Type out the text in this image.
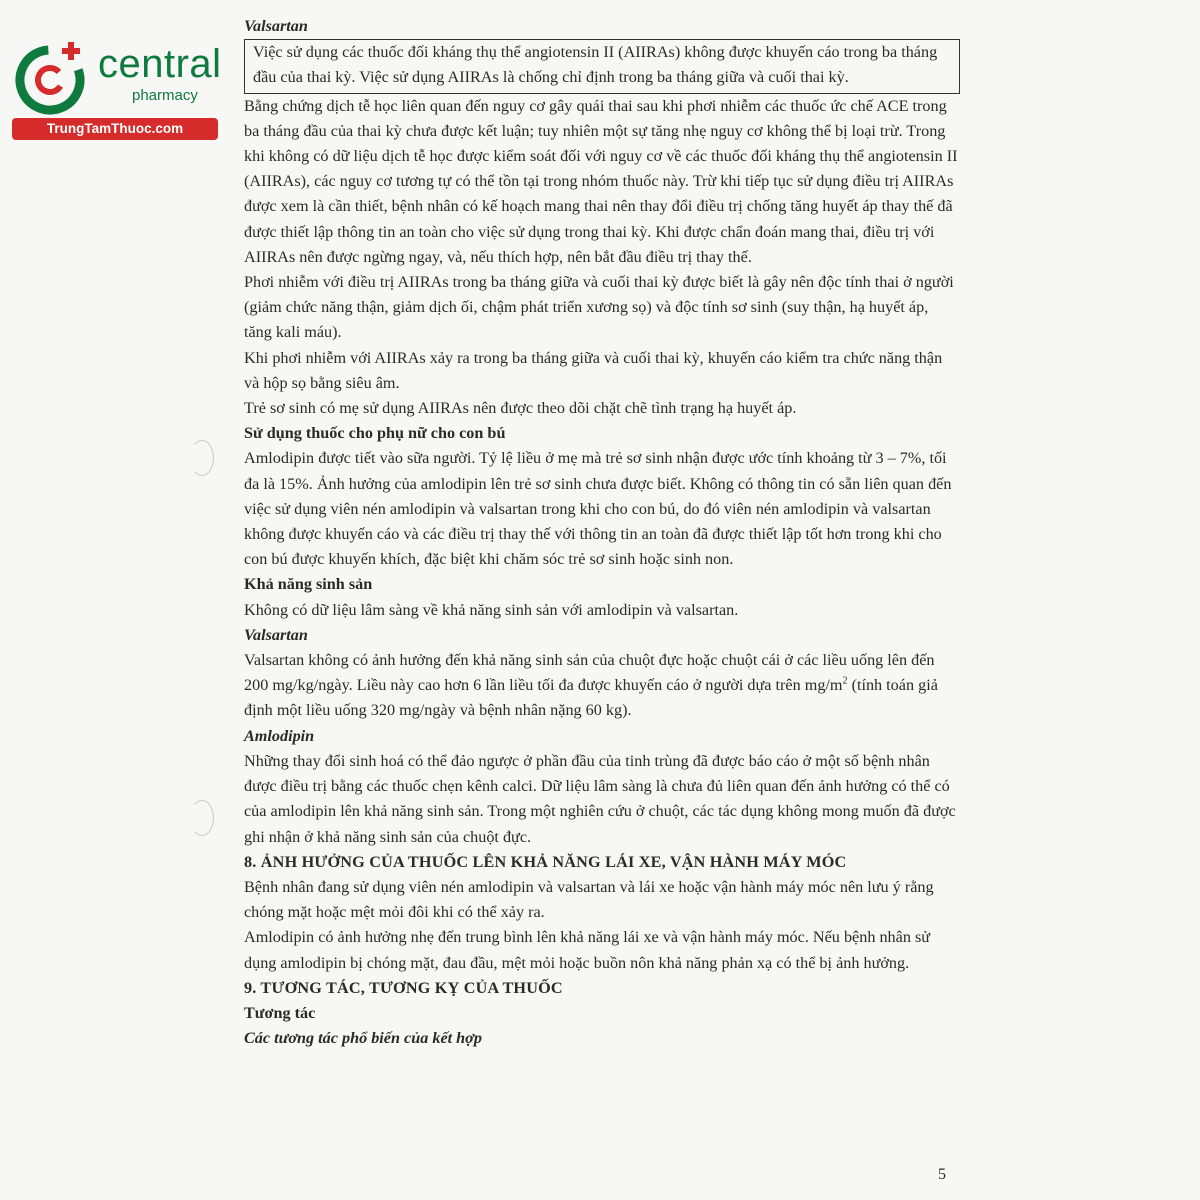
central
pharmacy
TrungTamThuoc.com

Valsartan

Việc sử dụng các thuốc đối kháng thụ thể angiotensin II (AIIRAs) không được khuyến cáo trong ba tháng đầu của thai kỳ. Việc sử dụng AIIRAs là chống chỉ định trong ba tháng giữa và cuối thai kỳ.

Bằng chứng dịch tễ học liên quan đến nguy cơ gây quái thai sau khi phơi nhiễm các thuốc ức chế ACE trong ba tháng đầu của thai kỳ chưa được kết luận; tuy nhiên một sự tăng nhẹ nguy cơ không thể bị loại trừ. Trong khi không có dữ liệu dịch tễ học được kiểm soát đối với nguy cơ về các thuốc đối kháng thụ thể angiotensin II (AIIRAs), các nguy cơ tương tự có thể tồn tại trong nhóm thuốc này. Trừ khi tiếp tục sử dụng điều trị AIIRAs được xem là cần thiết, bệnh nhân có kế hoạch mang thai nên thay đổi điều trị chống tăng huyết áp thay thế đã được thiết lập thông tin an toàn cho việc sử dụng trong thai kỳ. Khi được chẩn đoán mang thai, điều trị với AIIRAs nên được ngừng ngay, và, nếu thích hợp, nên bắt đầu điều trị thay thế.

Phơi nhiễm với điều trị AIIRAs trong ba tháng giữa và cuối thai kỳ được biết là gây nên độc tính thai ở người (giảm chức năng thận, giảm dịch ối, chậm phát triển xương sọ) và độc tính sơ sinh (suy thận, hạ huyết áp, tăng kali máu).

Khi phơi nhiễm với AIIRAs xảy ra trong ba tháng giữa và cuối thai kỳ, khuyến cáo kiểm tra chức năng thận và hộp sọ bằng siêu âm.

Trẻ sơ sinh có mẹ sử dụng AIIRAs nên được theo dõi chặt chẽ tình trạng hạ huyết áp.

Sử dụng thuốc cho phụ nữ cho con bú

Amlodipin được tiết vào sữa người. Tỷ lệ liều ở mẹ mà trẻ sơ sinh nhận được ước tính khoảng từ 3 – 7%, tối đa là 15%. Ảnh hưởng của amlodipin lên trẻ sơ sinh chưa được biết. Không có thông tin có sẵn liên quan đến việc sử dụng viên nén amlodipin và valsartan trong khi cho con bú, do đó viên nén amlodipin và valsartan không được khuyến cáo và các điều trị thay thế với thông tin an toàn đã được thiết lập tốt hơn trong khi cho con bú được khuyến khích, đặc biệt khi chăm sóc trẻ sơ sinh hoặc sinh non.

Khả năng sinh sản

Không có dữ liệu lâm sàng về khả năng sinh sản với amlodipin và valsartan.

Valsartan

Valsartan không có ảnh hưởng đến khả năng sinh sản của chuột đực hoặc chuột cái ở các liều uống lên đến 200 mg/kg/ngày. Liều này cao hơn 6 lần liều tối đa được khuyến cáo ở người dựa trên $mg/m^2$ (tính toán giả định một liều uống 320 mg/ngày và bệnh nhân nặng 60 kg).

Amlodipin

Những thay đổi sinh hoá có thể đảo ngược ở phần đầu của tinh trùng đã được báo cáo ở một số bệnh nhân được điều trị bằng các thuốc chẹn kênh calci. Dữ liệu lâm sàng là chưa đủ liên quan đến ảnh hưởng có thể có của amlodipin lên khả năng sinh sản. Trong một nghiên cứu ở chuột, các tác dụng không mong muốn đã được ghi nhận ở khả năng sinh sản của chuột đực.

8. ẢNH HƯỞNG CỦA THUỐC LÊN KHẢ NĂNG LÁI XE, VẬN HÀNH MÁY MÓC

Bệnh nhân đang sử dụng viên nén amlodipin và valsartan và lái xe hoặc vận hành máy móc nên lưu ý rằng chóng mặt hoặc mệt mỏi đôi khi có thể xảy ra.

Amlodipin có ảnh hưởng nhẹ đến trung bình lên khả năng lái xe và vận hành máy móc. Nếu bệnh nhân sử dụng amlodipin bị chóng mặt, đau đầu, mệt mỏi hoặc buồn nôn khả năng phản xạ có thể bị ảnh hưởng.

9. TƯƠNG TÁC, TƯƠNG KỴ CỦA THUỐC

Tương tác

Các tương tác phổ biến của kết hợp

5
